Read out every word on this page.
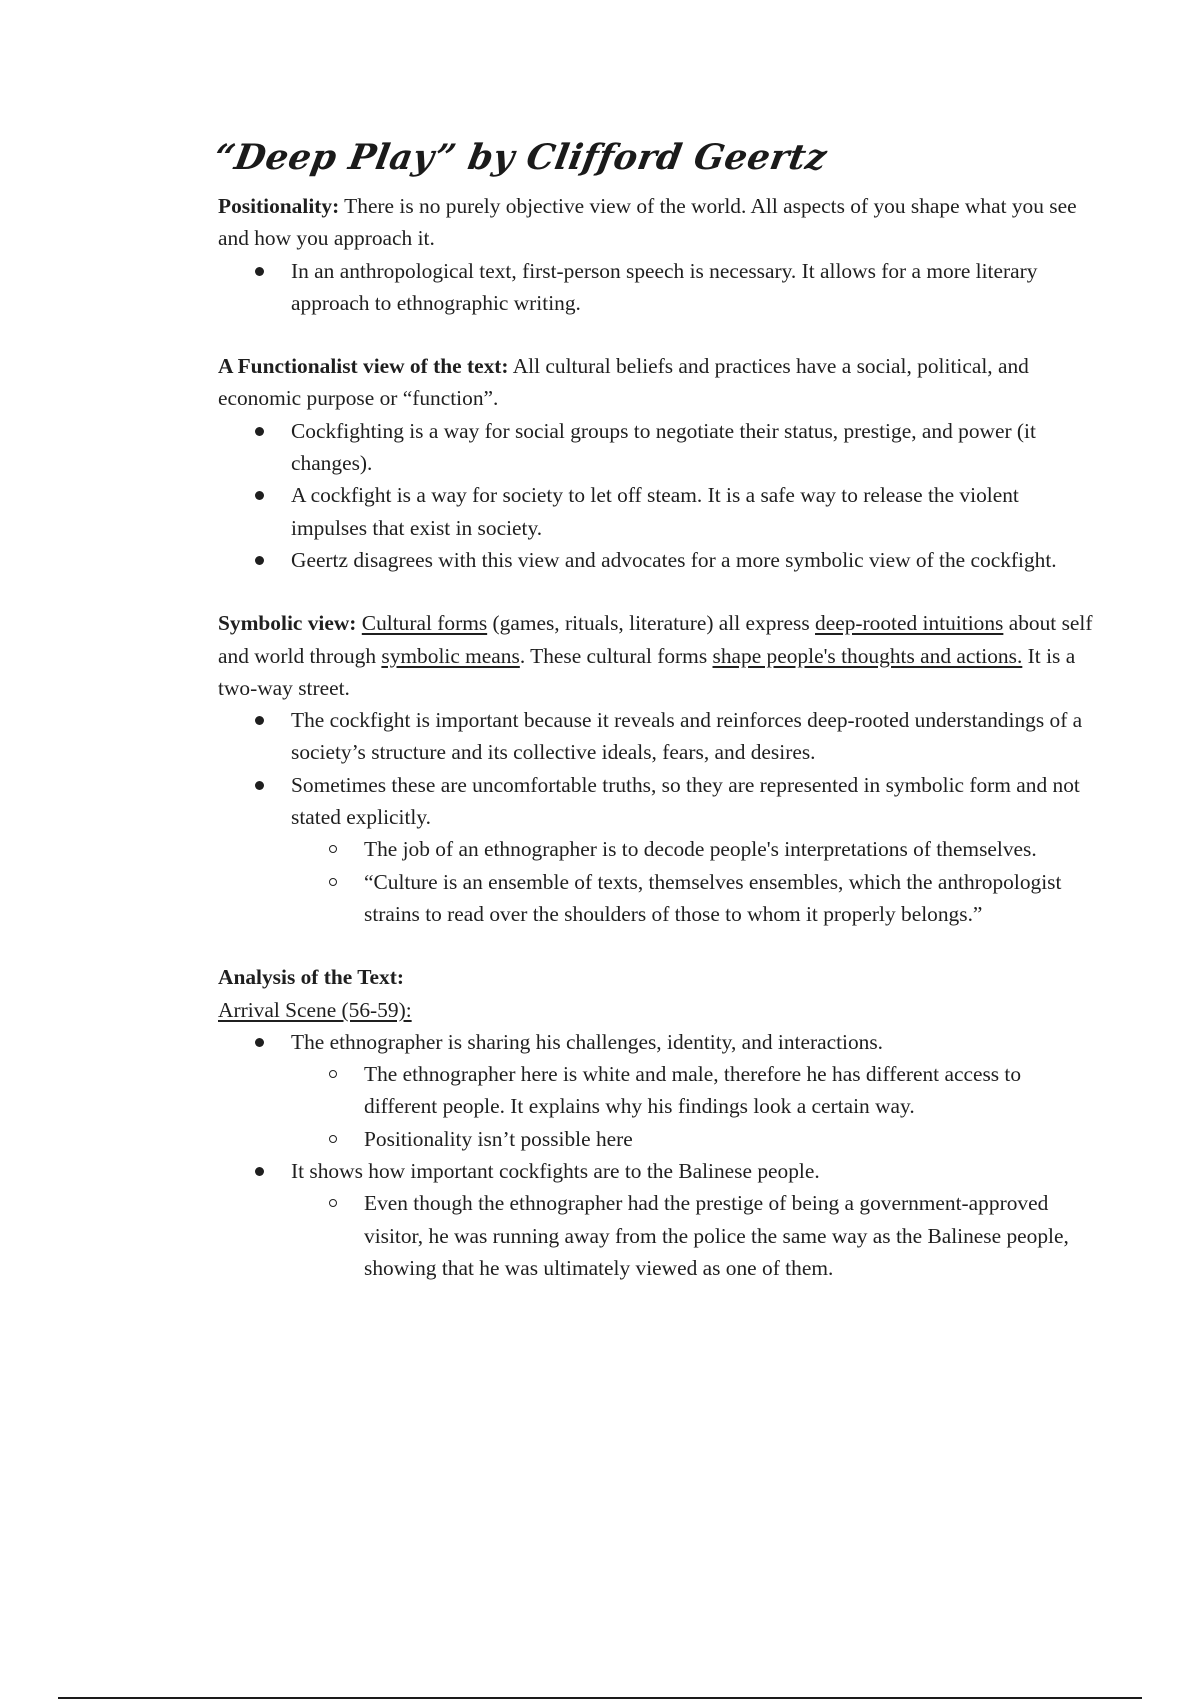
“Deep Play” by Clifford Geertz

Positionality: There is no purely objective view of the world. All aspects of you shape what you see and how you approach it.

In an anthropological text, first-person speech is necessary. It allows for a more literary approach to ethnographic writing.

A Functionalist view of the text: All cultural beliefs and practices have a social, political, and economic purpose or “function”.

Cockfighting is a way for social groups to negotiate their status, prestige, and power (it changes).
A cockfight is a way for society to let off steam. It is a safe way to release the violent impulses that exist in society.
Geertz disagrees with this view and advocates for a more symbolic view of the cockfight.

Symbolic view: Cultural forms (games, rituals, literature) all express deep-rooted intuitions about self and world through symbolic means. These cultural forms shape people's thoughts and actions. It is a two-way street.

The cockfight is important because it reveals and reinforces deep-rooted understandings of a society’s structure and its collective ideals, fears, and desires.
Sometimes these are uncomfortable truths, so they are represented in symbolic form and not stated explicitly.
The job of an ethnographer is to decode people's interpretations of themselves.
“Culture is an ensemble of texts, themselves ensembles, which the anthropologist strains to read over the shoulders of those to whom it properly belongs.”

Analysis of the Text:

Arrival Scene (56-59):

The ethnographer is sharing his challenges, identity, and interactions.
The ethnographer here is white and male, therefore he has different access to different people. It explains why his findings look a certain way.
Positionality isn’t possible here
It shows how important cockfights are to the Balinese people.
Even though the ethnographer had the prestige of being a government-approved visitor, he was running away from the police the same way as the Balinese people, showing that he was ultimately viewed as one of them.
